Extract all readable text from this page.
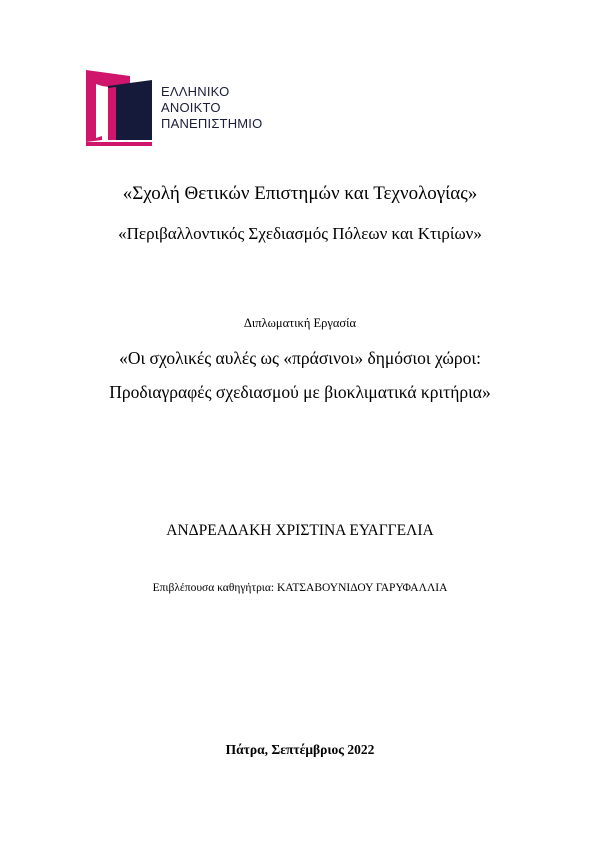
ΕΛΛΗΝΙΚΟ
ΑΝΟΙΚΤΟ
ΠΑΝΕΠΙΣΤΗΜΙΟ
«Σχολή Θετικών Επιστημών και Τεχνολογίας»
«Περιβαλλοντικός Σχεδιασμός Πόλεων και Κτιρίων»
Διπλωματική Εργασία
«Οι σχολικές αυλές ως «πράσινοι» δημόσιοι χώροι:
Προδιαγραφές σχεδιασμού με βιοκλιματικά κριτήρια»
ΑΝΔΡΕΑΔΑΚΗ ΧΡΙΣΤΙΝΑ ΕΥΑΓΓΕΛΙΑ
Επιβλέπουσα καθηγήτρια: ΚΑΤΣΑΒΟΥΝΙΔΟΥ ΓΑΡΥΦΑΛΛΙΑ
Πάτρα, Σεπτέμβριος 2022
